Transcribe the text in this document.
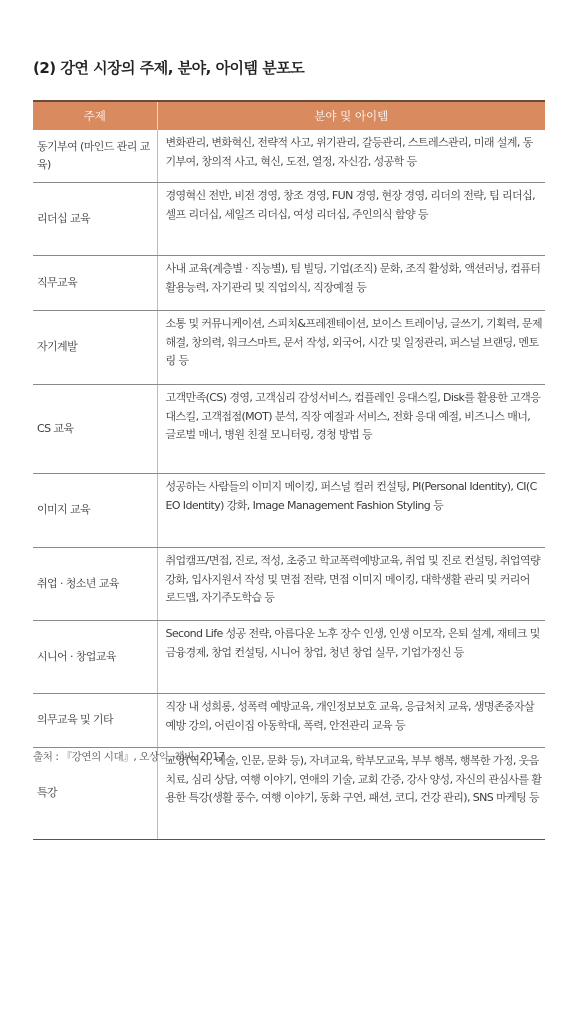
(2) 강연 시장의 주제, 분야, 아이템 분포도
주제	분야 및 아이템
동기부여 (마인드 관리 교육)	변화관리, 변화혁신, 전략적 사고, 위기관리, 갈등관리, 스트레스관리, 미래 설계, 동기부여, 창의적 사고, 혁신, 도전, 열정, 자신감, 성공학 등
리더십 교육	경영혁신 전반, 비전 경영, 창조 경영, FUN 경영, 현장 경영, 리더의 전략, 팀 리더십, 셀프 리더십, 세일즈 리더십, 여성 리더십, 주인의식 함양 등
직무교육	사내 교육(계층별 · 직능별), 팀 빌딩, 기업(조직) 문화, 조직 활성화, 액션러닝, 컴퓨터활용능력, 자기관리 및 직업의식, 직장예절 등
자기계발	소통 및 커뮤니케이션, 스피치&프레젠테이션, 보이스 트레이닝, 글쓰기, 기획력, 문제해결, 창의력, 워크스마트, 문서 작성, 외국어, 시간 및 일정관리, 퍼스널 브랜딩, 멘토링 등
CS 교육	고객만족(CS) 경영, 고객심리 감성서비스, 컴플레인 응대스킬, Disk를 활용한 고객응대스킬, 고객접점(MOT) 분석, 직장 예절과 서비스, 전화 응대 예절, 비즈니스 매너, 글로벌 매너, 병원 친절 모니터링, 경청 방법 등
이미지 교육	성공하는 사람들의 이미지 메이킹, 퍼스널 컬러 컨설팅, PI(Personal Identity), CI(CEO Identity) 강화, Image Management Fashion Styling 등
취업 · 청소년 교육	취업캠프/면접, 진로, 적성, 초중고 학교폭력예방교육, 취업 및 진로 컨설팅, 취업역량강화, 입사지원서 작성 및 면접 전략, 면접 이미지 메이킹, 대학생활 관리 및 커리어 로드맵, 자기주도학습 등
시니어 · 창업교육	Second Life 성공 전략, 아름다운 노후 장수 인생, 인생 이모작, 은퇴 설계, 재테크 및 금융경제, 창업 컨설팅, 시니어 창업, 청년 창업 실무, 기업가정신 등
의무교육 및 기타	직장 내 성희롱, 성폭력 예방교육, 개인정보보호 교육, 응급처치 교육, 생명존중자살예방 강의, 어린이집 아동학대, 폭력, 안전관리 교육 등
특강	교양(역사, 예술, 인문, 문화 등), 자녀교육, 학부모교육, 부부 행복, 행복한 가정, 웃음 치료, 심리 상담, 여행 이야기, 연애의 기술, 교회 간증, 강사 양성, 자신의 관심사를 활용한 특강(생활 풍수, 여행 이야기, 동화 구연, 패션, 코디, 건강 관리), SNS 마케팅 등
출처 : 『강연의 시대』, 오상익, 책비, 2017
